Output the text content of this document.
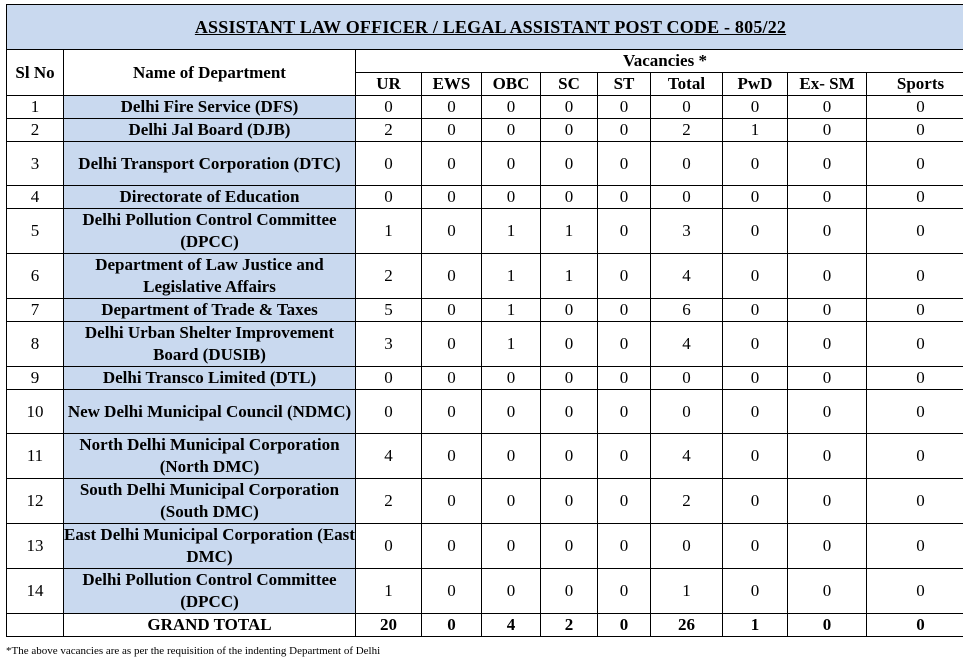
ASSISTANT LAW OFFICER / LEGAL ASSISTANT POST CODE - 805/22										
Sl No	Name of Department	Vacancies *								
		UR	EWS	OBC	SC	ST	Total	PwD	Ex- SM	Sports
1	Delhi Fire Service (DFS)	0	0	0	0	0	0	0	0	0
2	Delhi Jal Board (DJB)	2	0	0	0	0	2	1	0	0
3	Delhi Transport Corporation (DTC)	0	0	0	0	0	0	0	0	0
4	Directorate of Education	0	0	0	0	0	0	0	0	0
5	Delhi Pollution Control Committee (DPCC)	1	0	1	1	0	3	0	0	0
6	Department of Law Justice and Legislative Affairs	2	0	1	1	0	4	0	0	0
7	Department of Trade & Taxes	5	0	1	0	0	6	0	0	0
8	Delhi Urban Shelter Improvement Board (DUSIB)	3	0	1	0	0	4	0	0	0
9	Delhi Transco Limited (DTL)	0	0	0	0	0	0	0	0	0
10	New Delhi Municipal Council (NDMC)	0	0	0	0	0	0	0	0	0
11	North Delhi Municipal Corporation (North DMC)	4	0	0	0	0	4	0	0	0
12	South Delhi Municipal Corporation (South DMC)	2	0	0	0	0	2	0	0	0
13	East Delhi Municipal Corporation (East DMC)	0	0	0	0	0	0	0	0	0
14	Delhi Pollution Control Committee (DPCC)	1	0	0	0	0	1	0	0	0
	GRAND TOTAL	20	0	4	2	0	26	1	0	0
*The above vacancies are as per the requisition of the indenting Department of Delhi
